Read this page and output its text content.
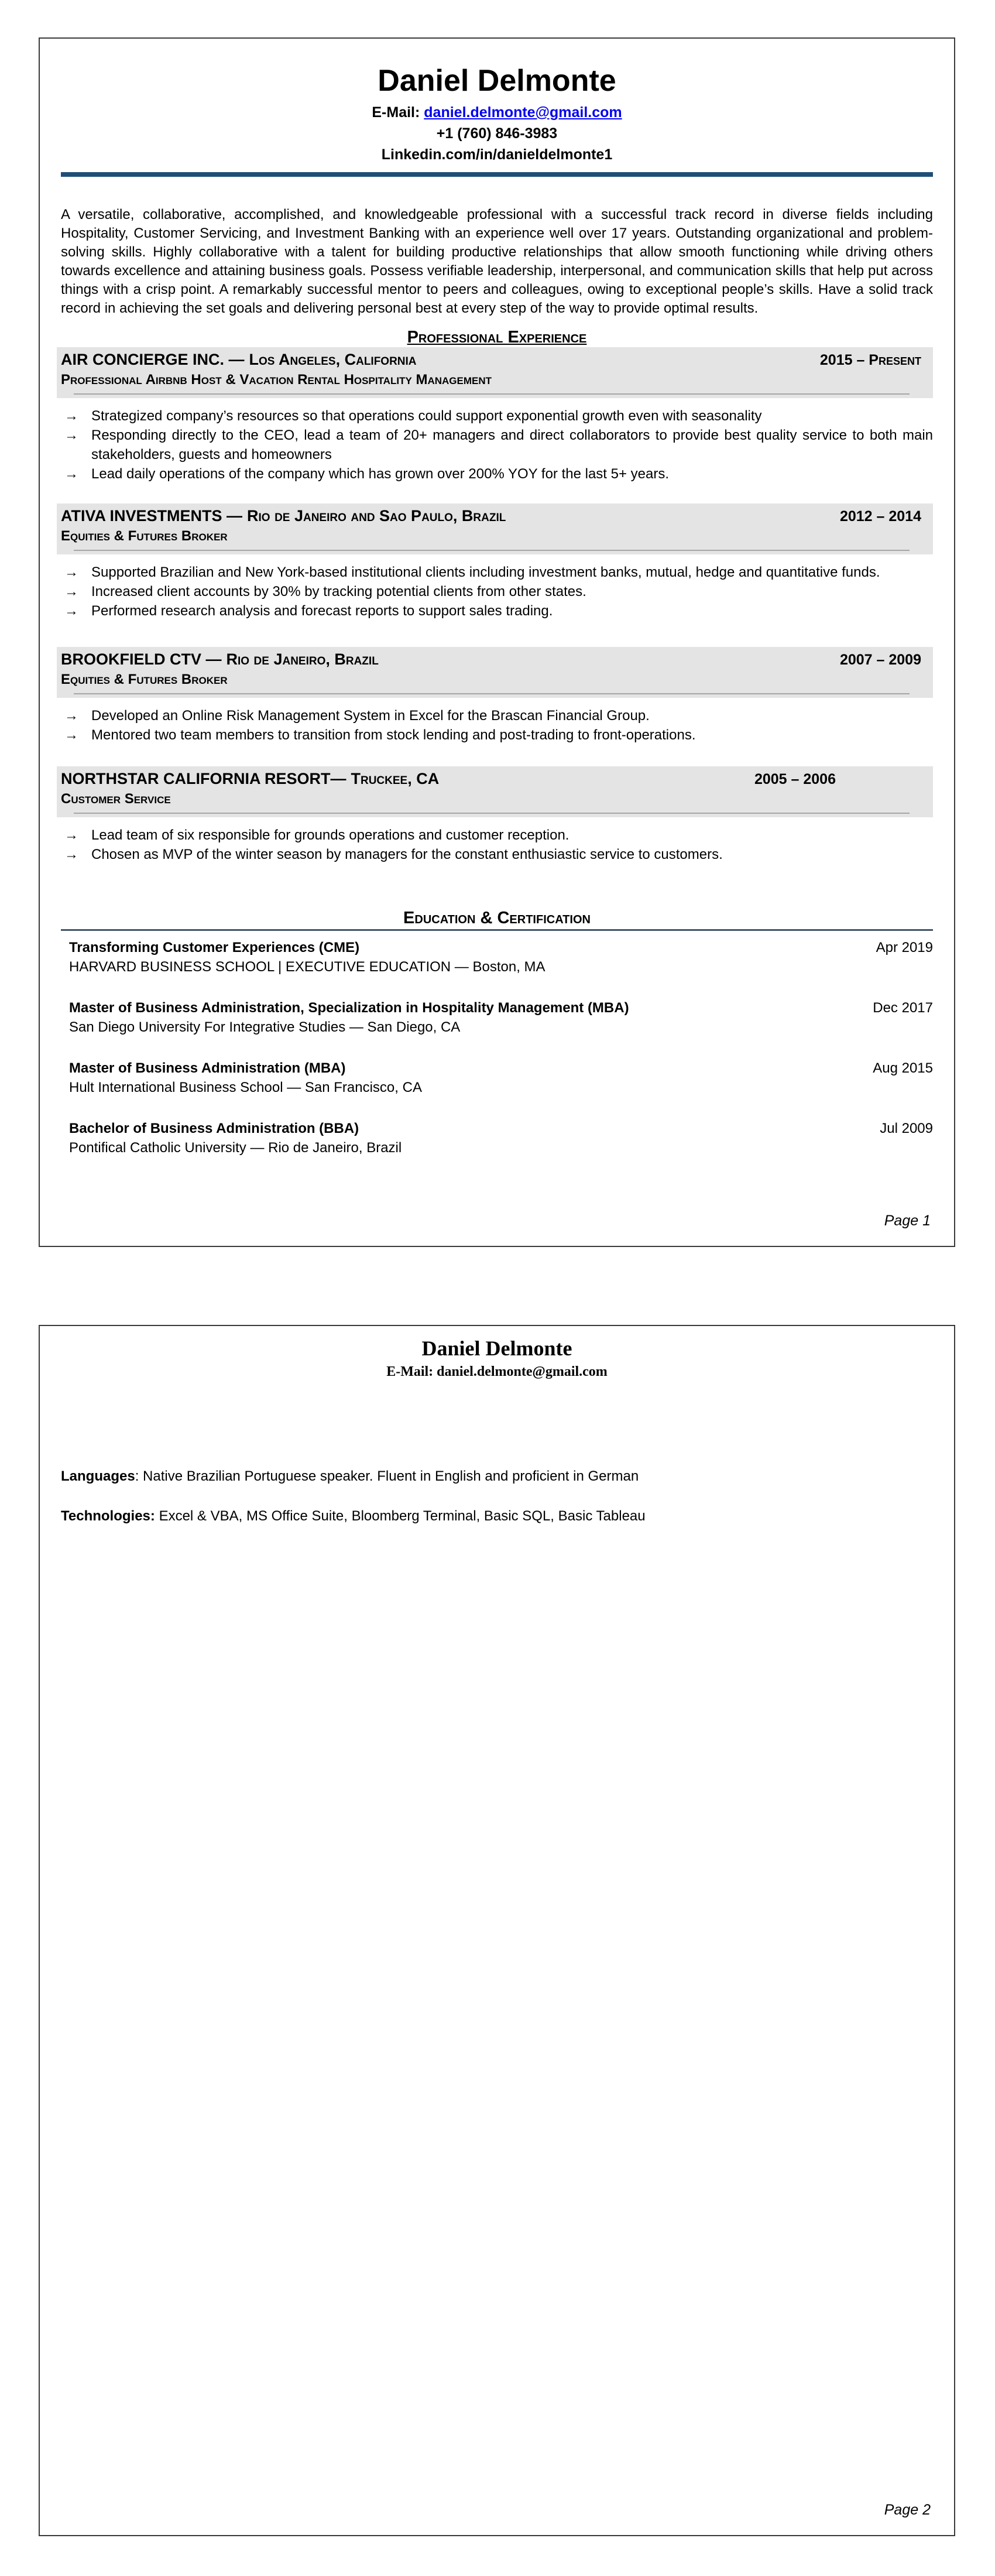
Daniel Delmonte
E-Mail: daniel.delmonte@gmail.com
+1 (760) 846-3983
Linkedin.com/in/danieldelmonte1
A versatile, collaborative, accomplished, and knowledgeable professional with a successful track record in diverse fields including Hospitality, Customer Servicing, and Investment Banking with an experience well over 17 years. Outstanding organizational and problem-solving skills. Highly collaborative with a talent for building productive relationships that allow smooth functioning while driving others towards excellence and attaining business goals. Possess verifiable leadership, interpersonal, and communication skills that help put across things with a crisp point. A remarkably successful mentor to peers and colleagues, owing to exceptional people’s skills. Have a solid track record in achieving the set goals and delivering personal best at every step of the way to provide optimal results.
Professional Experience
AIR CONCIERGE INC. — Los Angeles, California	2015 – Present
Professional Airbnb Host & Vacation Rental Hospitality Management
→ Strategized company’s resources so that operations could support exponential growth even with seasonality
→ Responding directly to the CEO, lead a team of 20+ managers and direct collaborators to provide best quality service to both main stakeholders, guests and homeowners
→ Lead daily operations of the company which has grown over 200% YOY for the last 5+ years.
ATIVA INVESTMENTS — Rio de Janeiro and Sao Paulo, Brazil	2012 – 2014
Equities & Futures Broker
→ Supported Brazilian and New York-based institutional clients including investment banks, mutual, hedge and quantitative funds.
→ Increased client accounts by 30% by tracking potential clients from other states.
→ Performed research analysis and forecast reports to support sales trading.
BROOKFIELD CTV — Rio de Janeiro, Brazil	2007 – 2009
Equities & Futures Broker
→ Developed an Online Risk Management System in Excel for the Brascan Financial Group.
→ Mentored two team members to transition from stock lending and post-trading to front-operations.
NORTHSTAR CALIFORNIA RESORT— Truckee, CA	2005 – 2006
Customer Service
→ Lead team of six responsible for grounds operations and customer reception.
→ Chosen as MVP of the winter season by managers for the constant enthusiastic service to customers.
Education & Certification
Transforming Customer Experiences (CME)
HARVARD BUSINESS SCHOOL | EXECUTIVE EDUCATION — Boston, MA
Apr 2019
Master of Business Administration, Specialization in Hospitality Management (MBA)
San Diego University For Integrative Studies — San Diego, CA
Dec 2017
Master of Business Administration (MBA)
Hult International Business School — San Francisco, CA
Aug 2015
Bachelor of Business Administration (BBA)
Pontifical Catholic University — Rio de Janeiro, Brazil
Jul 2009
Page 1
Daniel Delmonte
E-Mail: daniel.delmonte@gmail.com
Languages: Native Brazilian Portuguese speaker. Fluent in English and proficient in German
Technologies: Excel & VBA, MS Office Suite, Bloomberg Terminal, Basic SQL, Basic Tableau
Page 2
